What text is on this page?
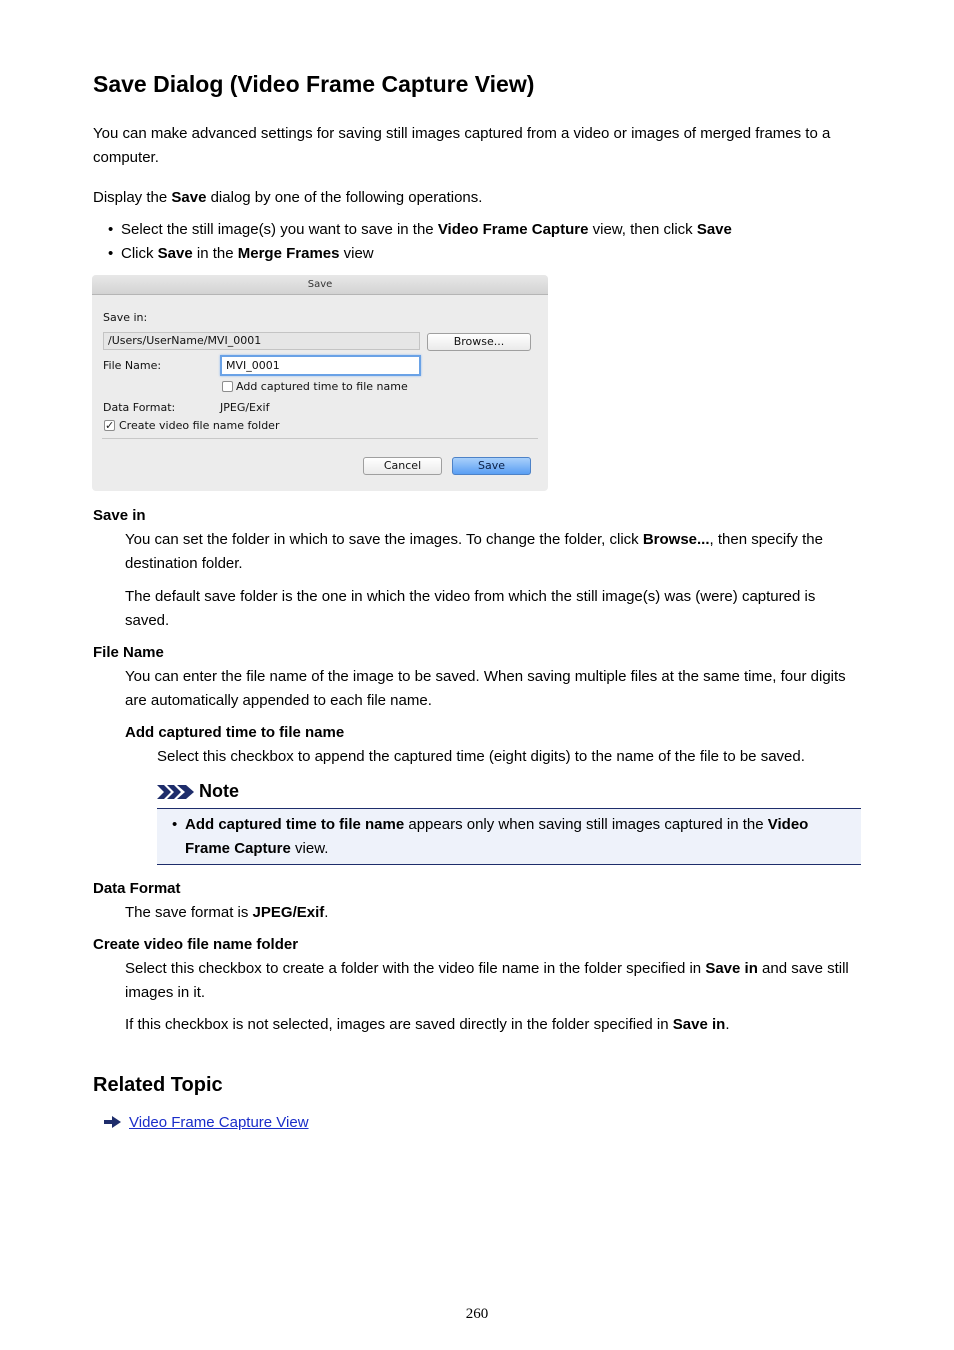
Save Dialog (Video Frame Capture View)

You can make advanced settings for saving still images captured from a video or images of merged frames to a computer.

Display the Save dialog by one of the following operations.

• Select the still image(s) you want to save in the Video Frame Capture view, then click Save
• Click Save in the Merge Frames view
Save
Save in:
/Users/UserName/MVI_0001	Browse...
File Name:	MVI_0001
Add captured time to file name
Data Format:	JPEG/Exif
✓ Create video file name folder
Cancel	Save
Save in

You can set the folder in which to save the images. To change the folder, click Browse..., then specify the destination folder.

The default save folder is the one in which the video from which the still image(s) was (were) captured is saved.

File Name

You can enter the file name of the image to be saved. When saving multiple files at the same time, four digits are automatically appended to each file name.

Add captured time to file name

Select this checkbox to append the captured time (eight digits) to the name of the file to be saved.

Note
• Add captured time to file name appears only when saving still images captured in the Video Frame Capture view.
Data Format

The save format is JPEG/Exif.

Create video file name folder

Select this checkbox to create a folder with the video file name in the folder specified in Save in and save still images in it.

If this checkbox is not selected, images are saved directly in the folder specified in Save in.

Related Topic
Video Frame Capture View
260
